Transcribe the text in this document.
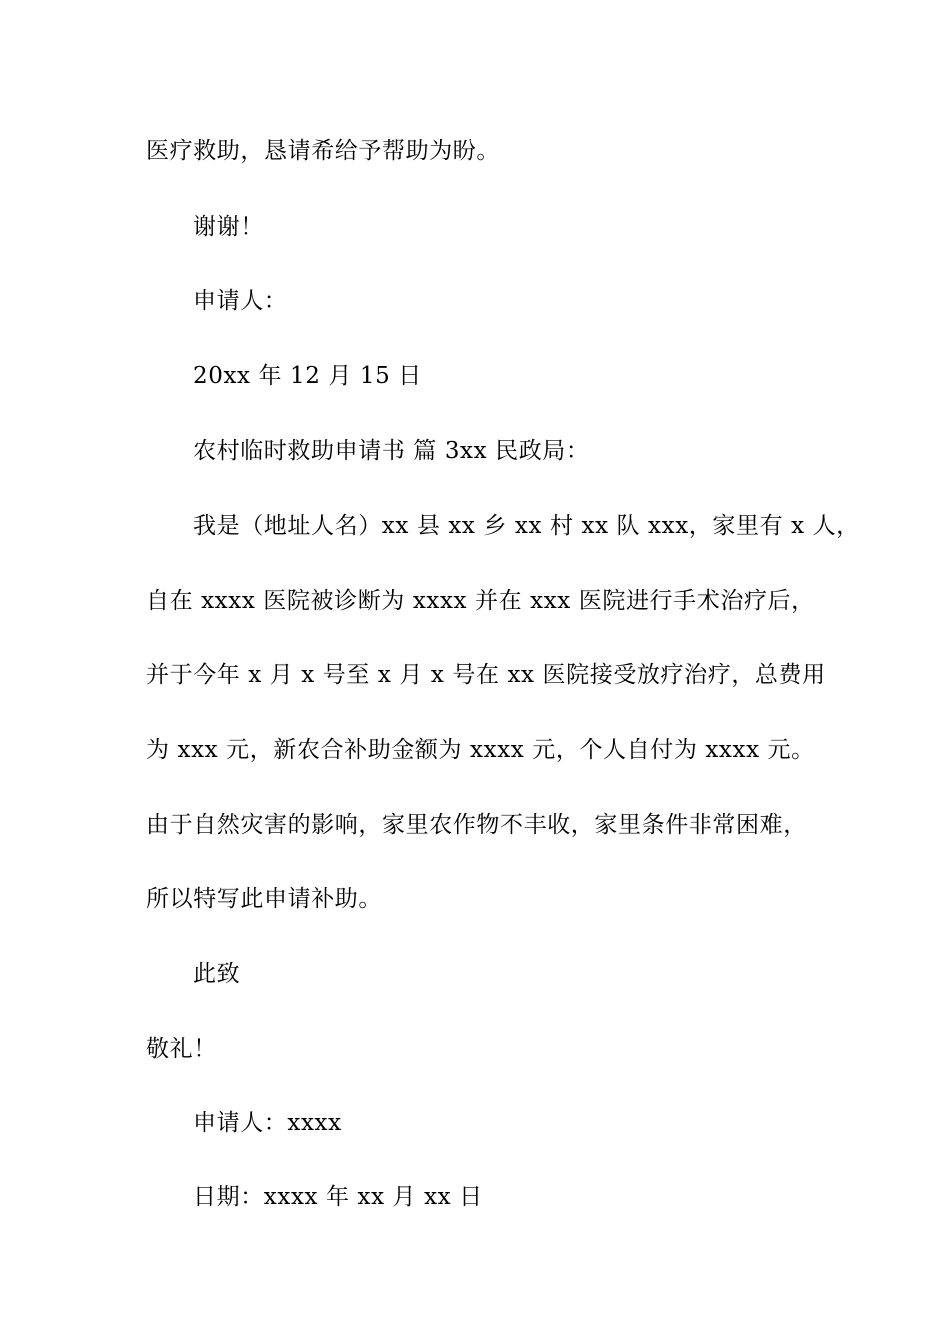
医疗救助，恳请希给予帮助为盼。
谢谢！
申请人：
20xx 年 12 月 15 日
农村临时救助申请书 篇 3xx 民政局：
我是（地址人名）xx 县 xx 乡 xx 村 xx 队 xxx，家里有 x 人，
自在 xxxx 医院被诊断为 xxxx 并在 xxx 医院进行手术治疗后，
并于今年 x 月 x 号至 x 月 x 号在 xx 医院接受放疗治疗，总费用
为 xxx 元，新农合补助金额为 xxxx 元，个人自付为 xxxx 元。
由于自然灾害的影响，家里农作物不丰收，家里条件非常困难，
所以特写此申请补助。
此致
敬礼！
申请人：xxxx
日期：xxxx 年 xx 月 xx 日
